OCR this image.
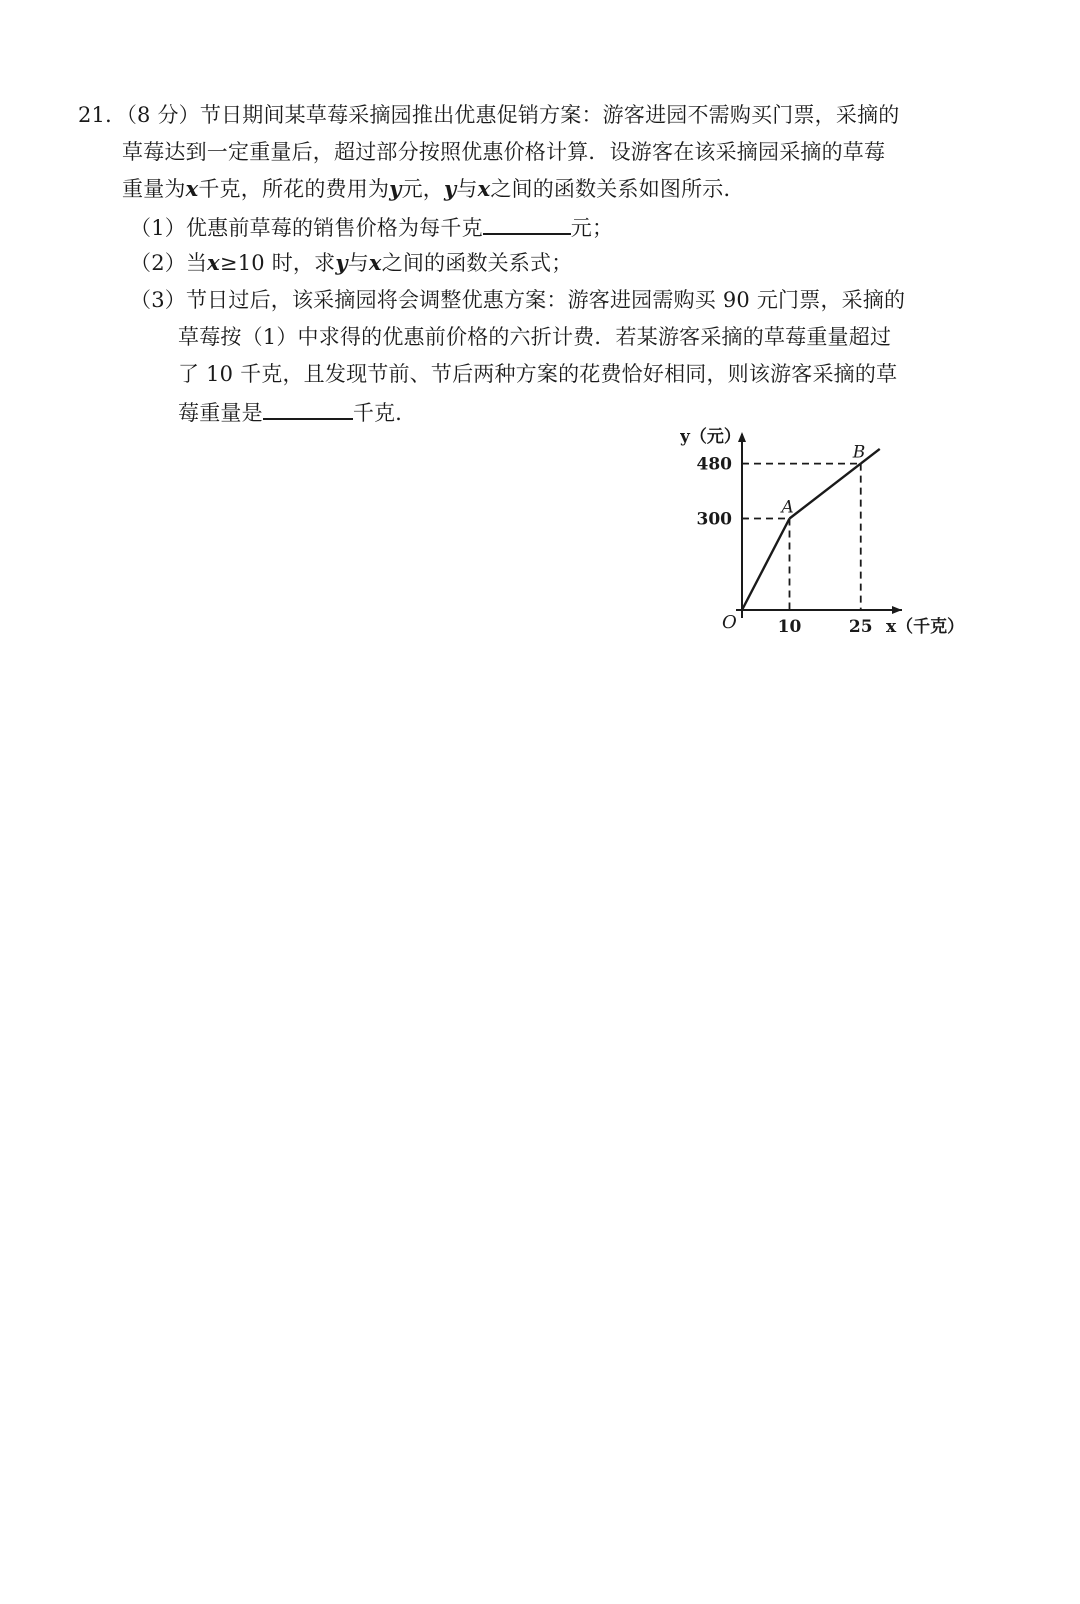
21．（8 分）节日期间某草莓采摘园推出优惠促销方案：游客进园不需购买门票，采摘的
草莓达到一定重量后，超过部分按照优惠价格计算．设游客在该采摘园采摘的草莓
重量为x千克，所花的费用为y元，y与x之间的函数关系如图所示．
（1）优惠前草莓的销售价格为每千克	元；
（2）当x≥10 时，求y与x之间的函数关系式；
（3）节日过后，该采摘园将会调整优惠方案：游客进园需购买 90 元门票，采摘的
草莓按（1）中求得的优惠前价格的六折计费．若某游客采摘的草莓重量超过
了 10 千克，且发现节前、节后两种方案的花费恰好相同，则该游客采摘的草
莓重量是	千克．
A
B
O
300
480
10	25
y（元）
x（千克）
